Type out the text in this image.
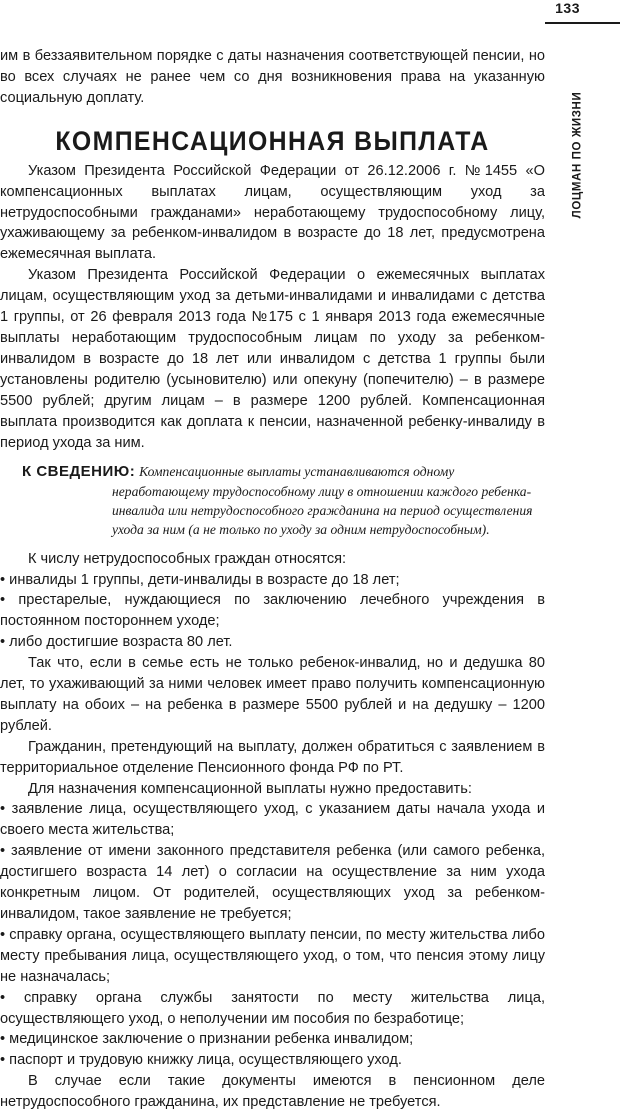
133
ЛОЦМАН ПО ЖИЗНИ

им в беззаявительном порядке с даты назначения соответствующей пенсии, но во всех случаях не ранее чем со дня возникновения права на указанную социальную доплату.

КОМПЕНСАЦИОННАЯ ВЫПЛАТА

Указом Президента Российской Федерации от 26.12.2006 г. №1455 «О компенсационных выплатах лицам, осуществляющим уход за нетрудоспособными гражданами» неработающему трудоспособному лицу, ухаживающему за ребенком-инвалидом в возрасте до 18 лет, предусмотрена ежемесячная выплата.

Указом Президента Российской Федерации о ежемесячных выплатах лицам, осуществляющим уход за детьми-инвалидами и инвалидами с детства 1 группы, от 26 февраля 2013 года №175 с 1 января 2013 года ежемесячные выплаты неработающим трудоспособным лицам по уходу за ребенком-инвалидом в возрасте до 18 лет или инвалидом с детства 1 группы были установлены родителю (усыновителю) или опекуну (попечителю) – в размере 5500 рублей; другим лицам – в размере 1200 рублей. Компенсационная выплата производится как доплата к пенсии, назначенной ребенку-инвалиду в период ухода за ним.

К СВЕДЕНИЮ: Компенсационные выплаты устанавливаются одному
неработающему трудоспособному лицу в отношении каждого ребенка-инвалида или нетрудоспособного гражданина на период осуществления ухода за ним (а не только по уходу за одним нетрудоспособным).

К числу нетрудоспособных граждан относятся:

• инвалиды 1 группы, дети-инвалиды в возрасте до 18 лет;

• престарелые, нуждающиеся по заключению лечебного учреждения в постоянном постороннем уходе;

• либо достигшие возраста 80 лет.

Так что, если в семье есть не только ребенок-инвалид, но и дедушка 80 лет, то ухаживающий за ними человек имеет право получить компенсационную выплату на обоих – на ребенка в размере 5500 рублей и на дедушку – 1200 рублей.

Гражданин, претендующий на выплату, должен обратиться с заявлением в территориальное отделение Пенсионного фонда РФ по РТ.

Для назначения компенсационной выплаты нужно предоставить:

• заявление лица, осуществляющего уход, с указанием даты начала ухода и своего места жительства;

• заявление от имени законного представителя ребенка (или самого ребенка, достигшего возраста 14 лет) о согласии на осуществление за ним ухода конкретным лицом. От родителей, осуществляющих уход за ребенком-инвалидом, такое заявление не требуется;

• справку органа, осуществляющего выплату пенсии, по месту жительства либо месту пребывания лица, осуществляющего уход, о том, что пенсия этому лицу не назначалась;

• справку органа службы занятости по месту жительства лица, осуществляющего уход, о неполучении им пособия по безработице;

• медицинское заключение о признании ребенка инвалидом;

• паспорт и трудовую книжку лица, осуществляющего уход.

В случае если такие документы имеются в пенсионном деле нетрудоспособного гражданина, их представление не требуется.
